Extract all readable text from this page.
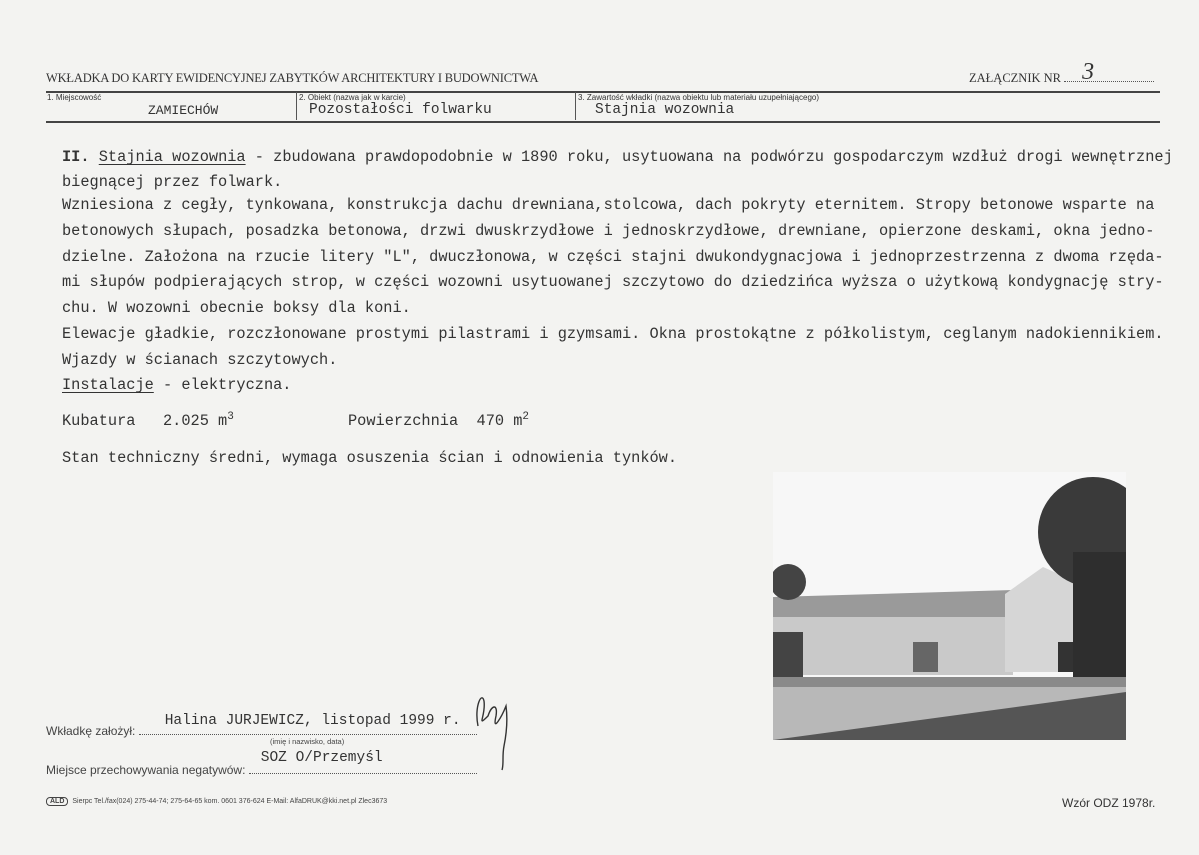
WKŁADKA DO KARTY EWIDENCYJNEJ ZABYTKÓW ARCHITEKTURY I BUDOWNICTWA	ZAŁĄCZNIK NR 3
1. Miejscowość
ZAMIECHÓW
2. Obiekt (nazwa jak w karcie)
Pozostałości folwarku
3. Zawartość wkładki (nazwa obiektu lub materiału uzupełniającego)
Stajnia wozownia
II. Stajnia wozownia - zbudowana prawdopodobnie w 1890 roku, usytuowana na podwórzu gospodarczym wzdłuż drogi wewnętrznej
biegnącej przez folwark.
Wzniesiona z cegły, tynkowana, konstrukcja dachu drewniana,stolcowa, dach pokryty eternitem. Stropy betonowe wsparte na
betonowych słupach, posadzka betonowa, drzwi dwuskrzydłowe i jednoskrzydłowe, drewniane, opierzone deskami, okna jedno-
dzielne. Założona na rzucie litery "L", dwuczłonowa, w części stajni dwukondygnacjowa i jednoprzestrzenna z dwoma rzęda-
mi słupów podpierających strop, w części wozowni usytuowanej szczytowo do dziedzińca wyższa o użytkową kondygnację stry-
chu. W wozowni obecnie boksy dla koni.
Elewacje gładkie, rozczłonowane prostymi pilastrami i gzymsami. Okna prostokątne z półkolistym, ceglanym nadokiennikiem.
Wjazdy w ścianach szczytowych.
Instalacje - elektryczna.
Kubatura 2.025 $m^3$	Powierzchnia 470 $m^2$
Stan techniczny średni, wymaga osuszenia ścian i odnowienia tynków.
Wkładkę założył:
Halina JURJEWICZ, listopad 1999 r.
(imię i nazwisko, data)
Miejsce przechowywania negatywów:
SOZ O/Przemyśl
ALD	Sierpc Tel./fax(024) 275-44-74; 275-64-65 kom. 0601 376-624 E-Mail: AlfaDRUK@kki.net.pl Zlec3673	Wzór ODZ 1978r.
